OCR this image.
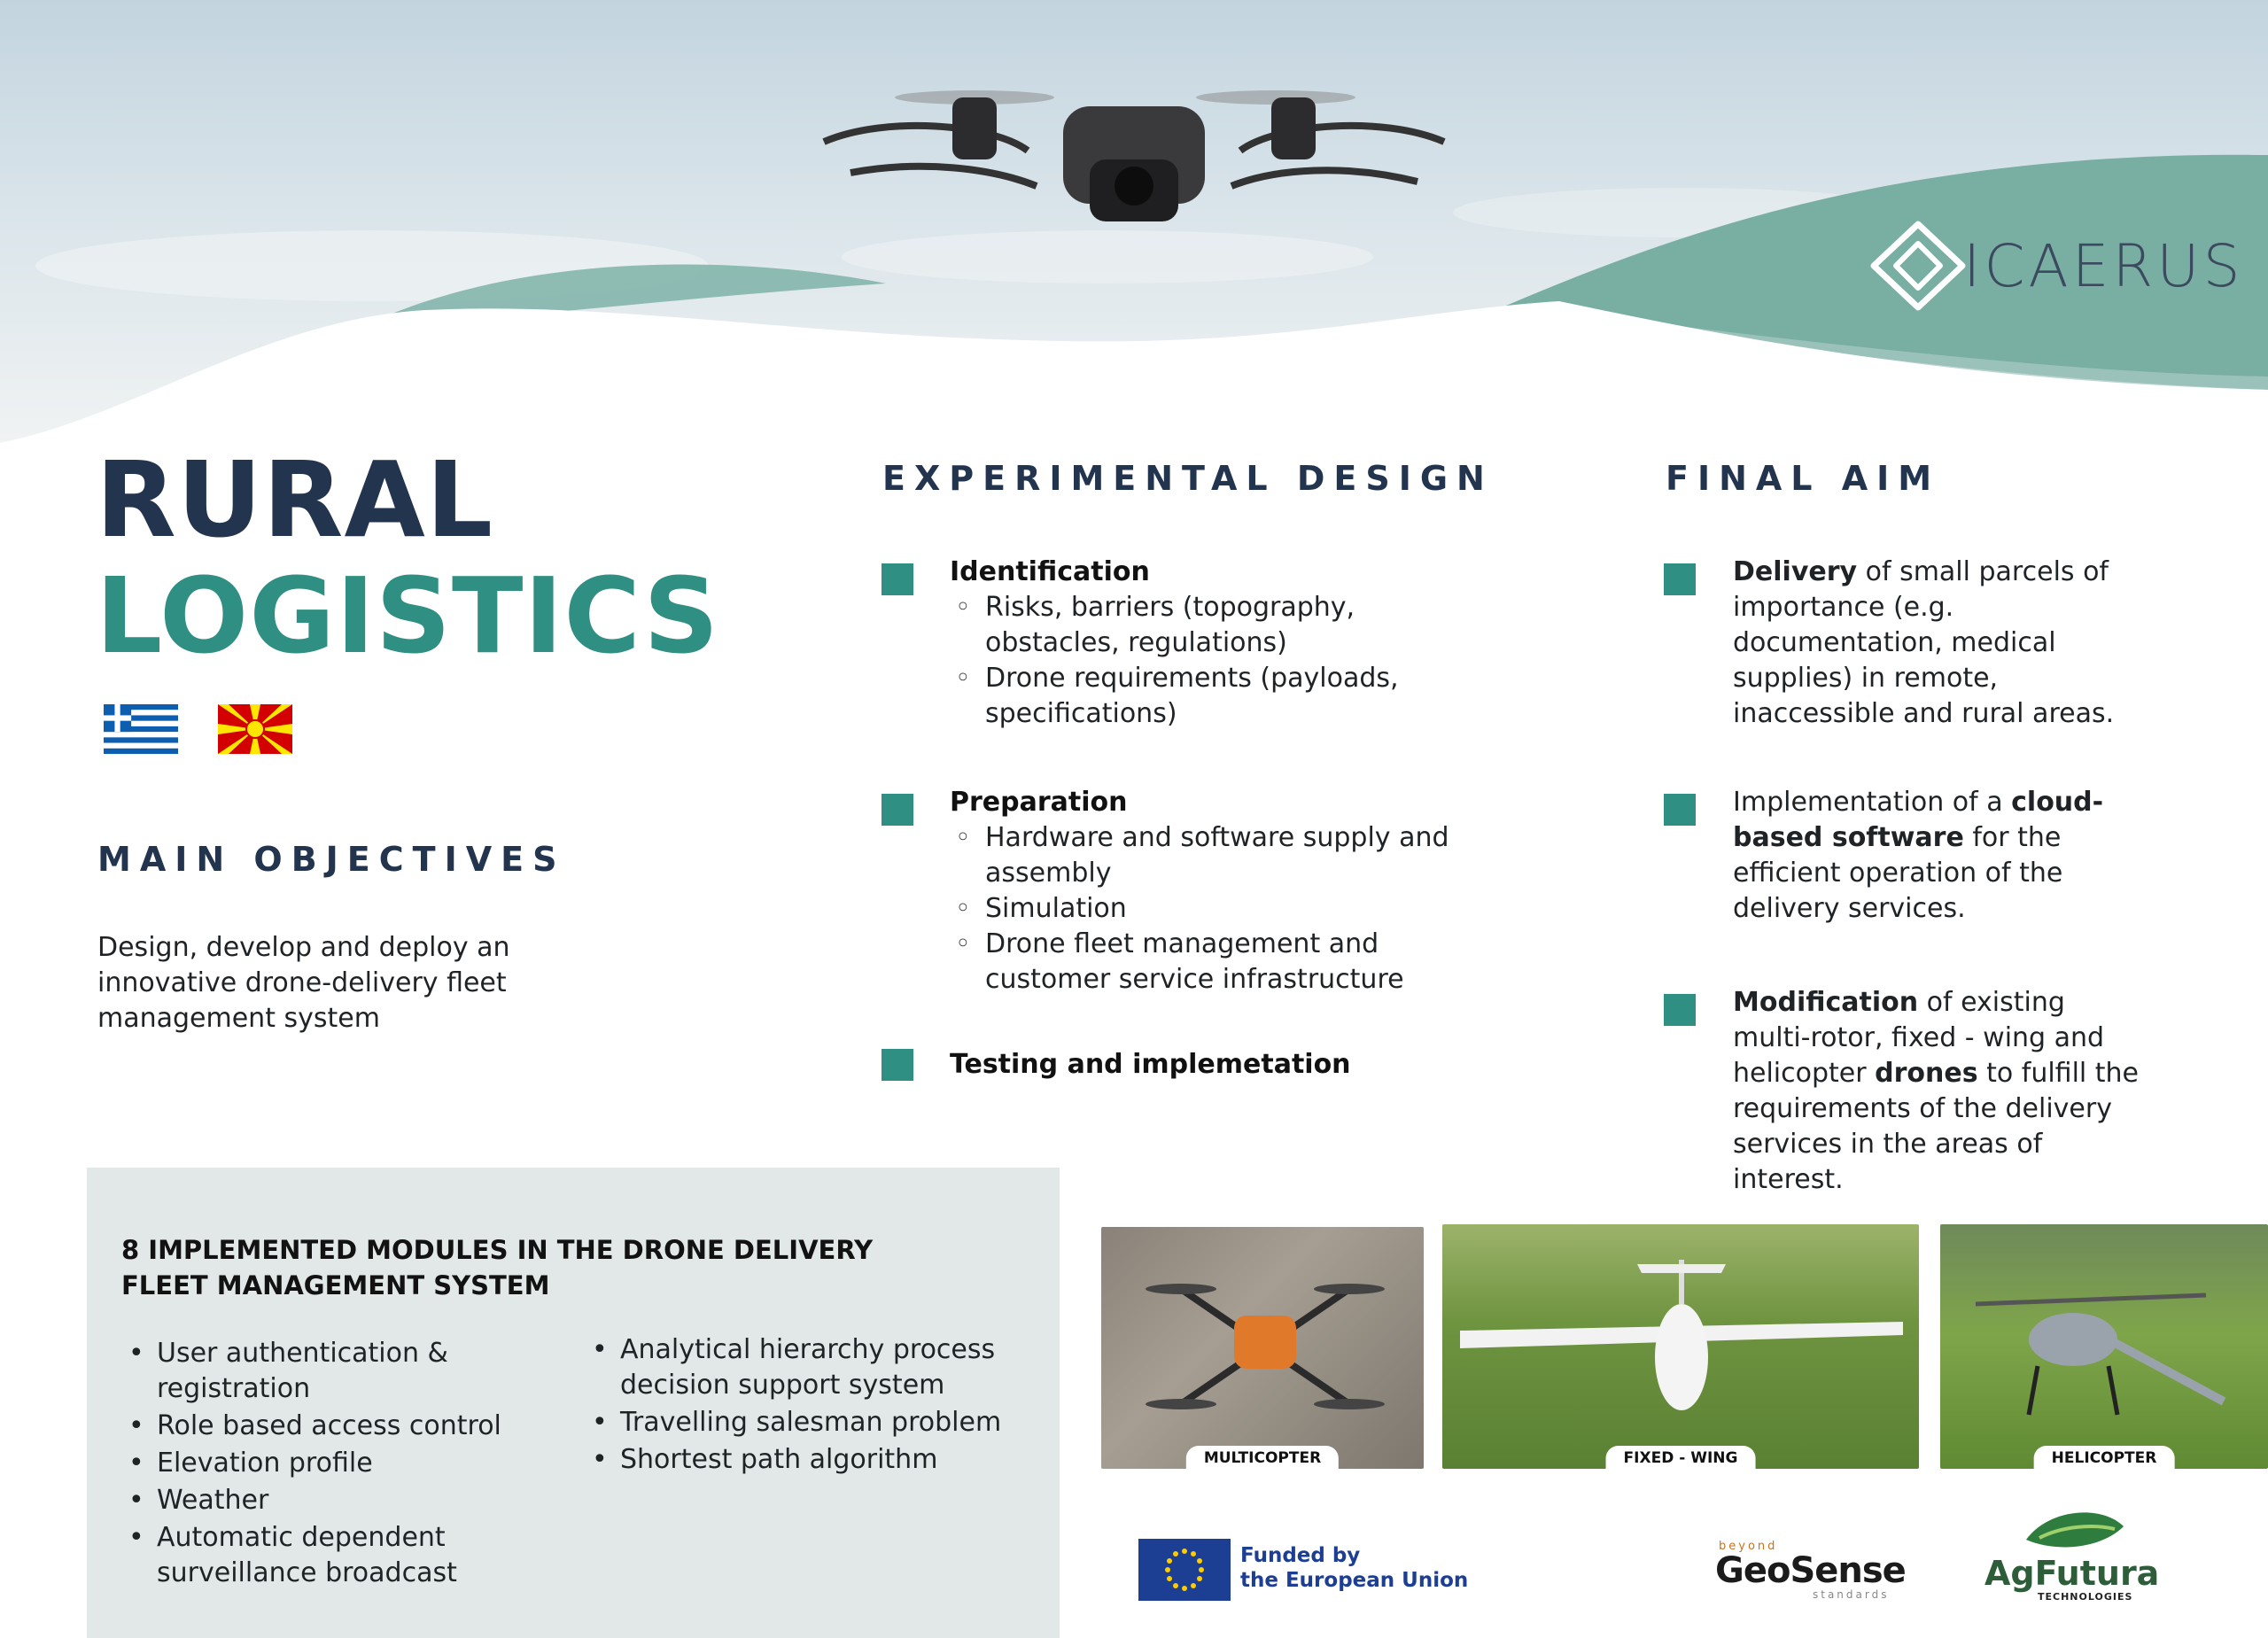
ICAERUS
RURAL
LOGISTICS
MAIN OBJECTIVES
Design, develop and deploy an innovative drone-delivery fleet management system
EXPERIMENTAL DESIGN
Identification
◦ Risks, barriers (topography, obstacles, regulations)
◦ Drone requirements (payloads, specifications)
Preparation
◦ Hardware and software supply and assembly
◦ Simulation
◦ Drone fleet management and customer service infrastructure
Testing and implemetation
FINAL AIM
Delivery of small parcels of importance (e.g. documentation, medical supplies) in remote, inaccessible and rural areas.
Implementation of a cloud-based software for the efficient operation of the delivery services.
Modification of existing multi-rotor, fixed - wing and helicopter drones to fulfill the requirements of the delivery services in the areas of interest.
8 IMPLEMENTED MODULES IN THE DRONE DELIVERY
FLEET MANAGEMENT SYSTEM
• User authentication & registration
• Role based access control
• Elevation profile
• Weather
• Automatic dependent surveillance broadcast
• Analytical hierarchy process decision support system
• Travelling salesman problem
• Shortest path algorithm	MULTICOPTER	FIXED - WING	HELICOPTER
Funded by
the European Union
beyond
GeoSense
standards
AgFutura
TECHNOLOGIES
